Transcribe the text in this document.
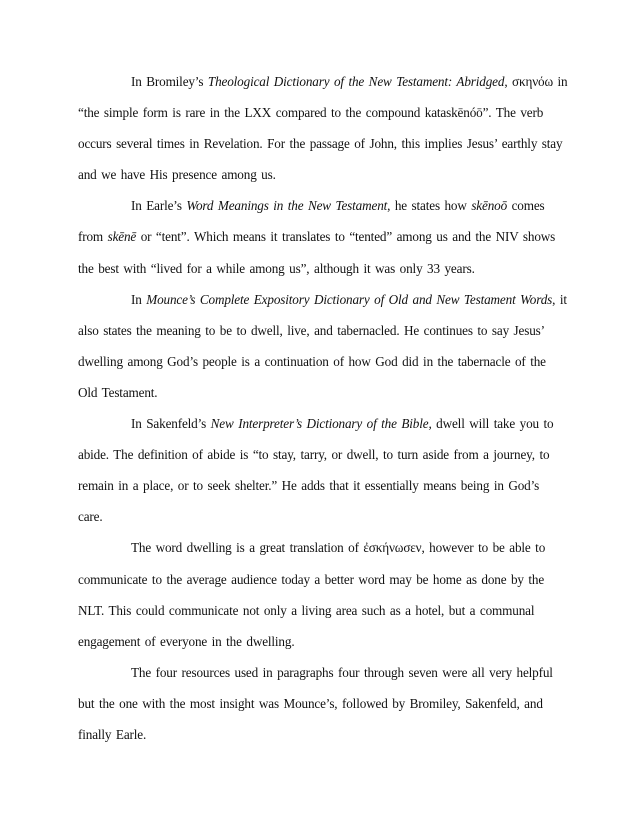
In Bromiley’s Theological Dictionary of the New Testament: Abridged, σκηνόω in “the simple form is rare in the LXX compared to the compound kataskēnóō”. The verb occurs several times in Revelation. For the passage of John, this implies Jesus’ earthly stay and we have His presence among us.

In Earle’s Word Meanings in the New Testament, he states how skēnoō comes from skēnē or “tent”. Which means it translates to “tented” among us and the NIV shows the best with “lived for a while among us”, although it was only 33 years.

In Mounce’s Complete Expository Dictionary of Old and New Testament Words, it also states the meaning to be to dwell, live, and tabernacled. He continues to say Jesus’ dwelling among God’s people is a continuation of how God did in the tabernacle of the Old Testament.

In Sakenfeld’s New Interpreter’s Dictionary of the Bible, dwell will take you to abide. The definition of abide is “to stay, tarry, or dwell, to turn aside from a journey, to remain in a place, or to seek shelter.” He adds that it essentially means being in God’s care.

The word dwelling is a great translation of ἐσκήνωσεν, however to be able to communicate to the average audience today a better word may be home as done by the NLT. This could communicate not only a living area such as a hotel, but a communal engagement of everyone in the dwelling.

The four resources used in paragraphs four through seven were all very helpful but the one with the most insight was Mounce’s, followed by Bromiley, Sakenfeld, and finally Earle.
